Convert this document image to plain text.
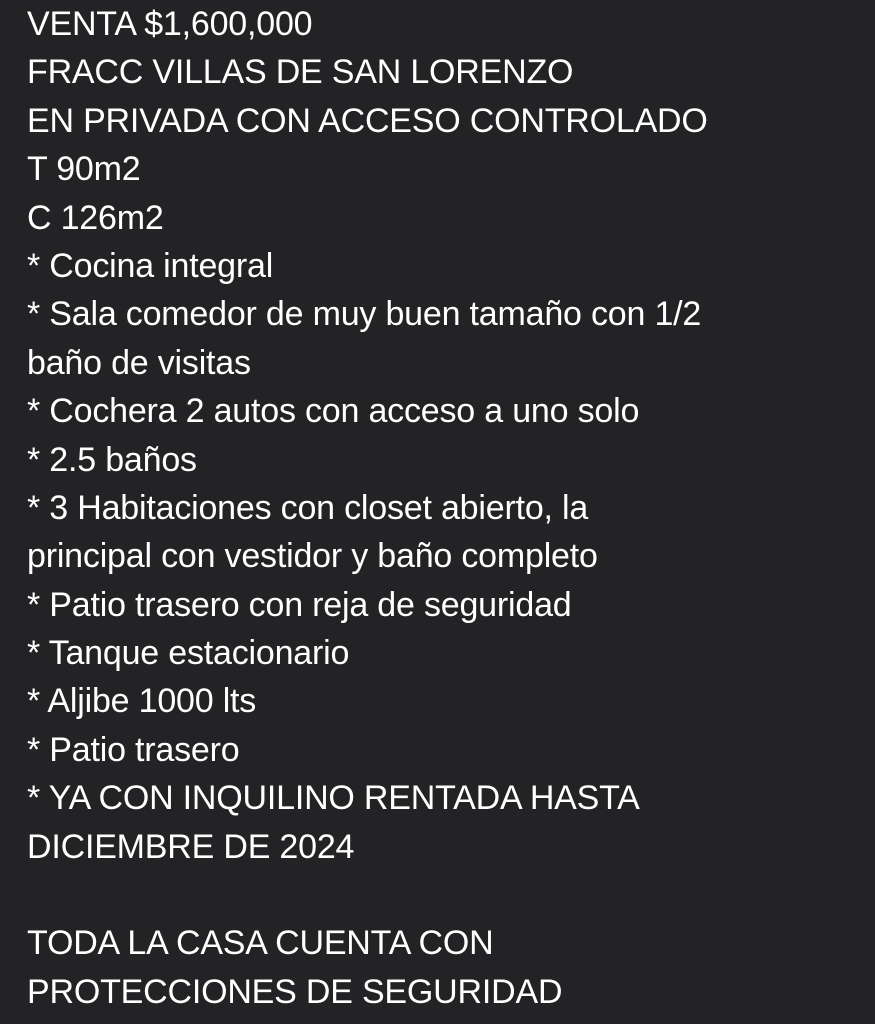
VENTA $1,600,000
FRACC VILLAS DE SAN LORENZO
EN PRIVADA CON ACCESO CONTROLADO
T 90m2
C 126m2
* Cocina integral
* Sala comedor de muy buen tamaño con 1/2
baño de visitas
* Cochera 2 autos con acceso a uno solo
* 2.5 baños
* 3 Habitaciones con closet abierto, la
principal con vestidor y baño completo
* Patio trasero con reja de seguridad
* Tanque estacionario
* Aljibe 1000 lts
* Patio trasero
* YA CON INQUILINO RENTADA HASTA
DICIEMBRE DE 2024
TODA LA CASA CUENTA CON
PROTECCIONES DE SEGURIDAD
